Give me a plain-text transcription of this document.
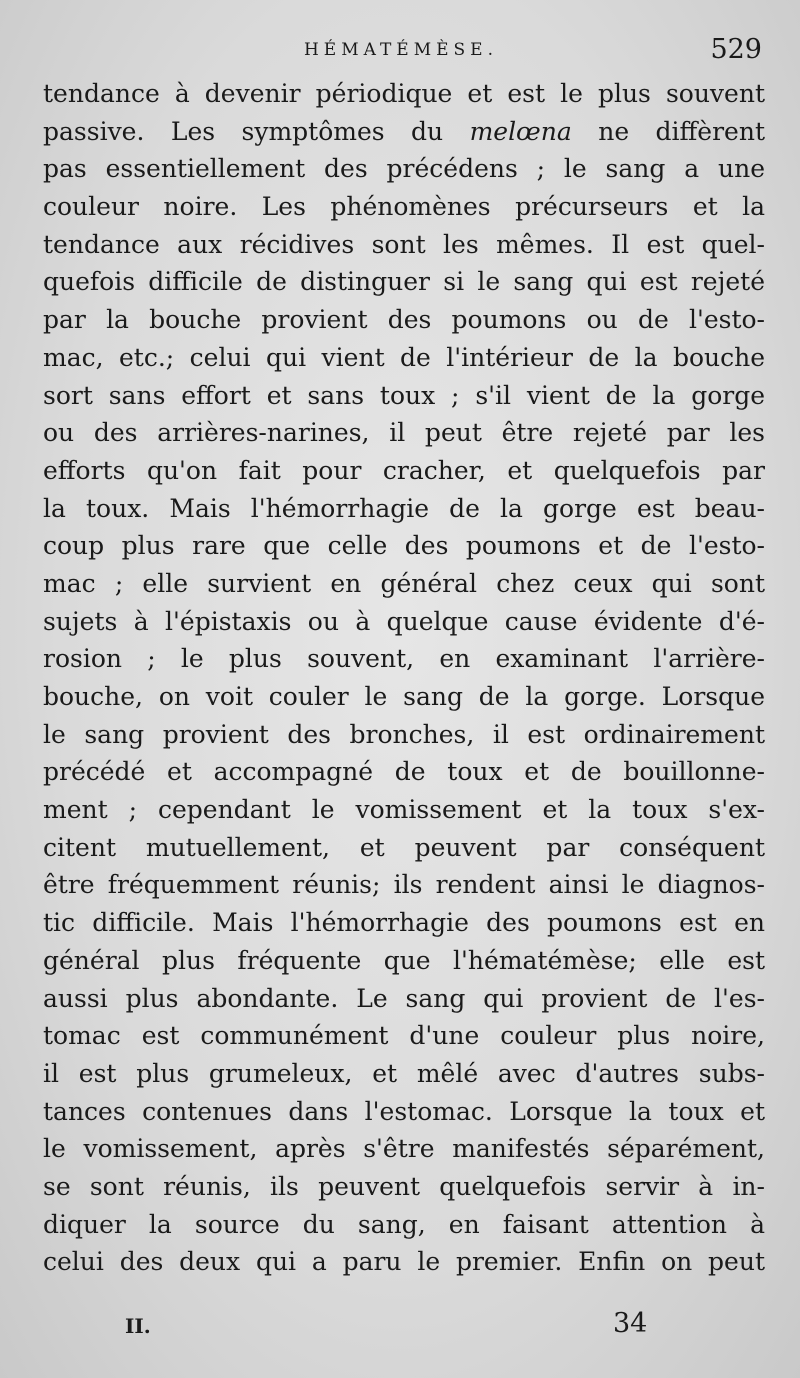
HÉMATÉMÈSE.	529
tendance à devenir périodique et est le plus souvent
passive. Les symptômes du melœna ne diffèrent
pas essentiellement des précédens ; le sang a une
couleur noire. Les phénomènes précurseurs et la
tendance aux récidives sont les mêmes. Il est quel-
quefois difficile de distinguer si le sang qui est rejeté
par la bouche provient des poumons ou de l'esto-
mac, etc.; celui qui vient de l'intérieur de la bouche
sort sans effort et sans toux ; s'il vient de la gorge
ou des arrières-narines, il peut être rejeté par les
efforts qu'on fait pour cracher, et quelquefois par
la toux. Mais l'hémorrhagie de la gorge est beau-
coup plus rare que celle des poumons et de l'esto-
mac ; elle survient en général chez ceux qui sont
sujets à l'épistaxis ou à quelque cause évidente d'é-
rosion ; le plus souvent, en examinant l'arrière-
bouche, on voit couler le sang de la gorge. Lorsque
le sang provient des bronches, il est ordinairement
précédé et accompagné de toux et de bouillonne-
ment ; cependant le vomissement et la toux s'ex-
citent mutuellement, et peuvent par conséquent
être fréquemment réunis; ils rendent ainsi le diagnos-
tic difficile. Mais l'hémorrhagie des poumons est en
général plus fréquente que l'hématémèse; elle est
aussi plus abondante. Le sang qui provient de l'es-
tomac est communément d'une couleur plus noire,
il est plus grumeleux, et mêlé avec d'autres subs-
tances contenues dans l'estomac. Lorsque la toux et
le vomissement, après s'être manifestés séparément,
se sont réunis, ils peuvent quelquefois servir à in-
diquer la source du sang, en faisant attention à
celui des deux qui a paru le premier. Enfin on peut
II.	34
